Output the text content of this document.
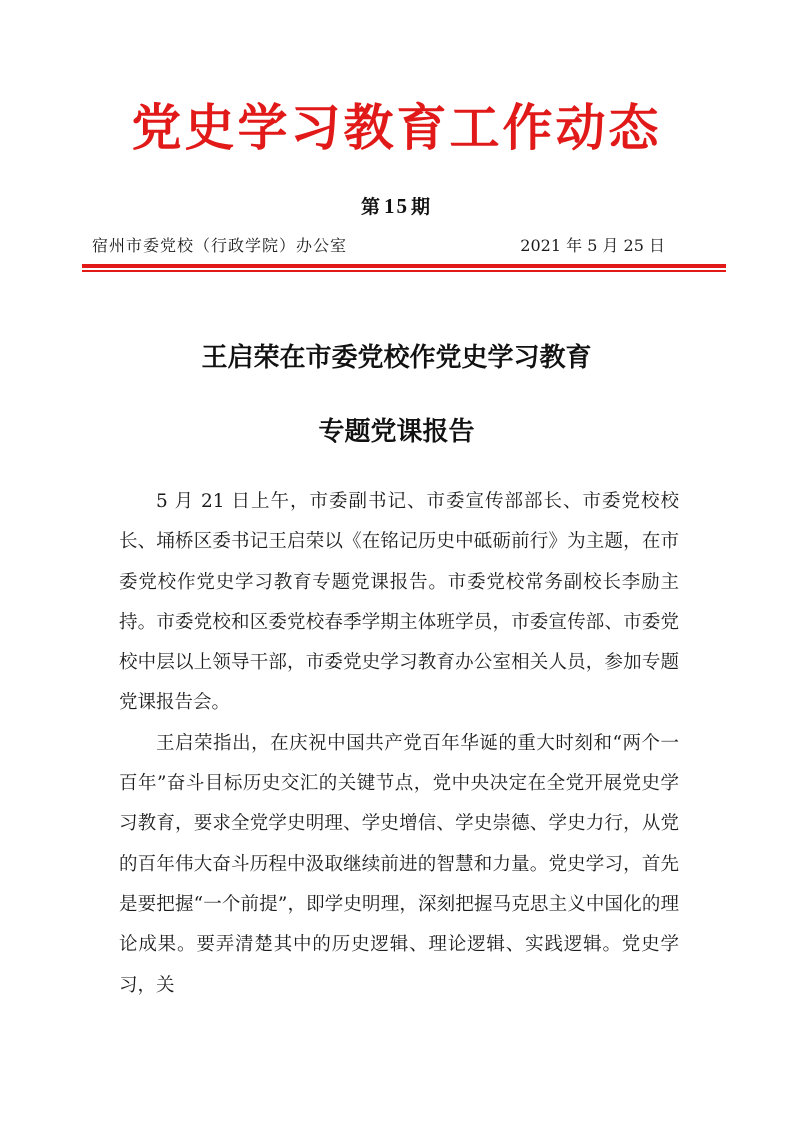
党史学习教育工作动态
第15 期
宿州市委党校（行政学院）办公室	2021 年 5 月 25 日
王启荣在市委党校作党史学习教育
专题党课报告

5 月 21 日上午，市委副书记、市委宣传部部长、市委党校校长、埇桥区委书记王启荣以《在铭记历史中砥砺前行》为主题，在市委党校作党史学习教育专题党课报告。市委党校常务副校长李励主持。市委党校和区委党校春季学期主体班学员，市委宣传部、市委党校中层以上领导干部，市委党史学习教育办公室相关人员，参加专题党课报告会。

王启荣指出，在庆祝中国共产党百年华诞的重大时刻和“两个一百年”奋斗目标历史交汇的关键节点，党中央决定在全党开展党史学习教育，要求全党学史明理、学史增信、学史崇德、学史力行，从党的百年伟大奋斗历程中汲取继续前进的智慧和力量。党史学习，首先是要把握“一个前提”，即学史明理，深刻把握马克思主义中国化的理论成果。要弄清楚其中的历史逻辑、理论逻辑、实践逻辑。党史学习，关
